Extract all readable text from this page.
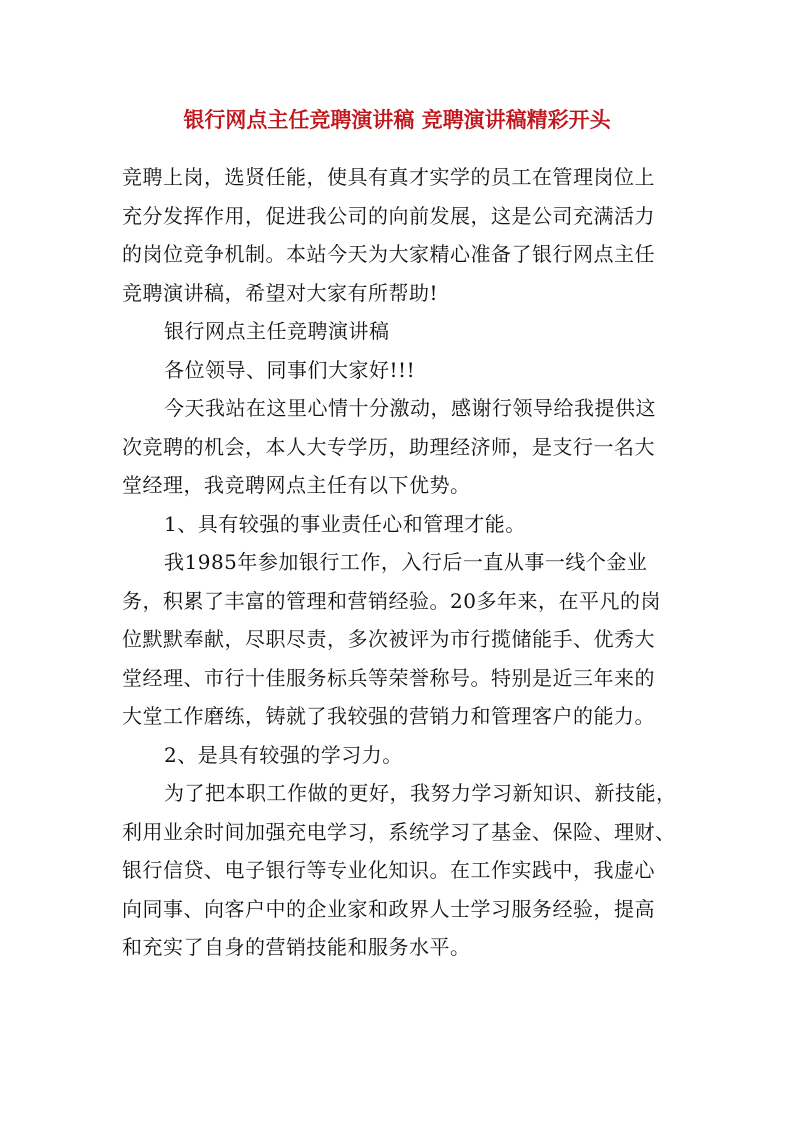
银行网点主任竞聘演讲稿 竞聘演讲稿精彩开头

竞聘上岗，选贤任能，使具有真才实学的员工在管理岗位上

充分发挥作用，促进我公司的向前发展，这是公司充满活力

的岗位竞争机制。本站今天为大家精心准备了银行网点主任

竞聘演讲稿，希望对大家有所帮助!

银行网点主任竞聘演讲稿

各位领导、同事们大家好!!!

今天我站在这里心情十分激动，感谢行领导给我提供这

次竞聘的机会，本人大专学历，助理经济师，是支行一名大

堂经理，我竞聘网点主任有以下优势。

1、具有较强的事业责任心和管理才能。

我1985年参加银行工作，入行后一直从事一线个金业

务，积累了丰富的管理和营销经验。20多年来，在平凡的岗

位默默奉献，尽职尽责，多次被评为市行揽储能手、优秀大

堂经理、市行十佳服务标兵等荣誉称号。特别是近三年来的

大堂工作磨练，铸就了我较强的营销力和管理客户的能力。

2、是具有较强的学习力。

为了把本职工作做的更好，我努力学习新知识、新技能，

利用业余时间加强充电学习，系统学习了基金、保险、理财、

银行信贷、电子银行等专业化知识。在工作实践中，我虚心

向同事、向客户中的企业家和政界人士学习服务经验，提高

和充实了自身的营销技能和服务水平。
